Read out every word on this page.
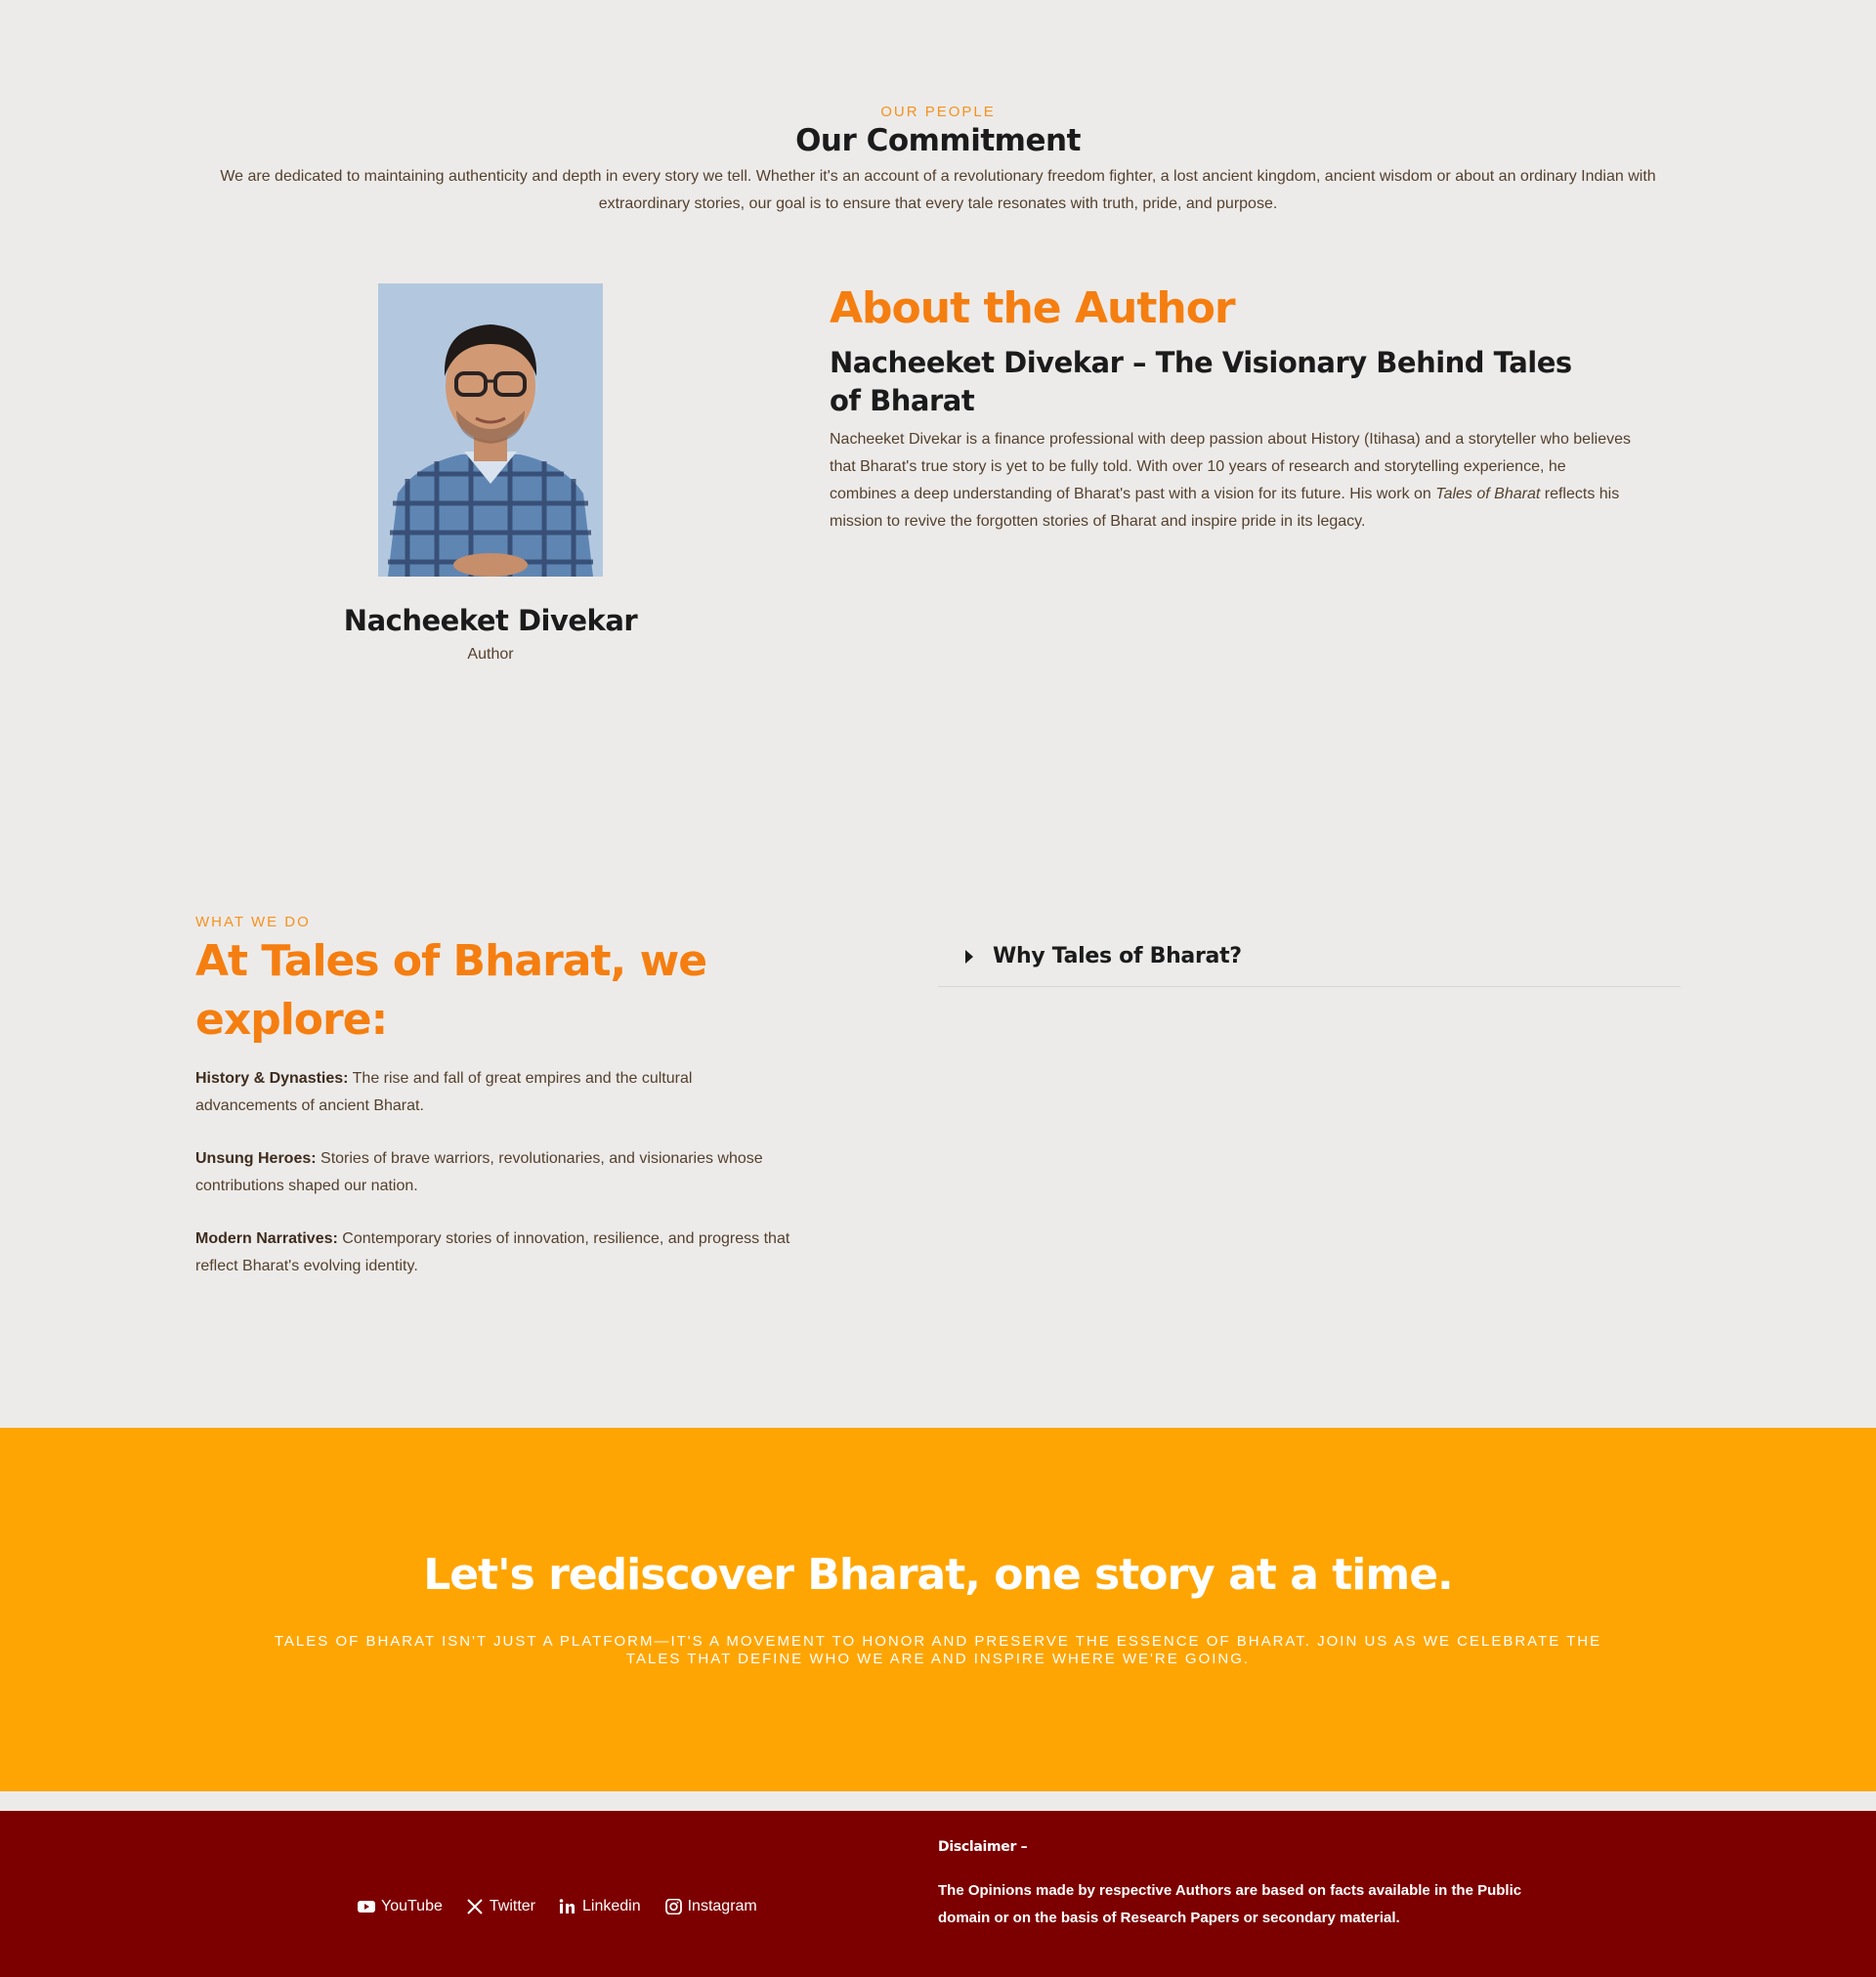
OUR PEOPLE
Our Commitment

We are dedicated to maintaining authenticity and depth in every story we tell. Whether it's an account of a revolutionary freedom fighter, a lost ancient kingdom, ancient wisdom or about an ordinary Indian with extraordinary stories, our goal is to ensure that every tale resonates with truth, pride, and purpose.

Nacheeket Divekar
Author
About the Author
Nacheeket Divekar – The Visionary Behind Tales of Bharat

Nacheeket Divekar is a finance professional with deep passion about History (Itihasa) and a storyteller who believes that Bharat's true story is yet to be fully told. With over 10 years of research and storytelling experience, he combines a deep understanding of Bharat's past with a vision for its future. His work on Tales of Bharat reflects his mission to revive the forgotten stories of Bharat and inspire pride in its legacy.

WHAT WE DO
At Tales of Bharat, we explore:

History & Dynasties: The rise and fall of great empires and the cultural advancements of ancient Bharat.

Unsung Heroes: Stories of brave warriors, revolutionaries, and visionaries whose contributions shaped our nation.

Modern Narratives: Contemporary stories of innovation, resilience, and progress that reflect Bharat's evolving identity.

Why Tales of Bharat?
Let's rediscover Bharat, one story at a time.

TALES OF BHARAT ISN'T JUST A PLATFORM—IT'S A MOVEMENT TO HONOR AND PRESERVE THE ESSENCE OF BHARAT. JOIN US AS WE CELEBRATE THE TALES THAT DEFINE WHO WE ARE AND INSPIRE WHERE WE'RE GOING.

YouTube	Twitter	Linkedin	Instagram
Disclaimer –

The Opinions made by respective Authors are based on facts available in the Public domain or on the basis of Research Papers or secondary material.
